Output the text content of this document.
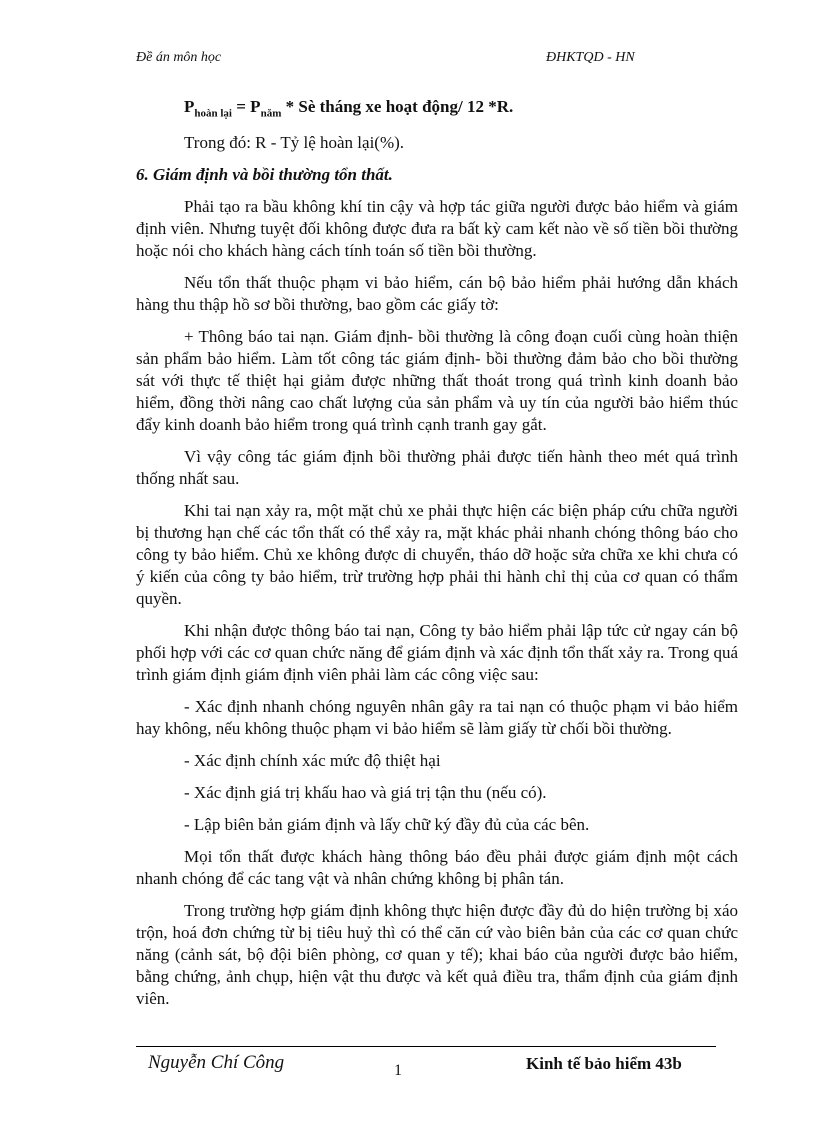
Đề án môn học	ĐHKTQD - HN
$P_{hoàn lại} = P_{năm}$ * Sè tháng xe hoạt động/ 12 *R.

Trong đó: R - Tỷ lệ hoàn lại(%).

6. Giám định và bồi thường tổn thất.

Phải tạo ra bầu không khí tin cậy và hợp tác giữa người được bảo hiểm và giám định viên. Nhưng tuyệt đối không được đưa ra bất kỳ cam kết nào về số tiền bồi thường hoặc nói cho khách hàng cách tính toán số tiền bồi thường.

Nếu tổn thất thuộc phạm vi bảo hiểm, cán bộ bảo hiểm phải hướng dẫn khách hàng thu thập hồ sơ bồi thường, bao gồm các giấy tờ:

+ Thông báo tai nạn. Giám định- bồi thường là công đoạn cuối cùng hoàn thiện sản phẩm bảo hiểm. Làm tốt công tác giám định- bồi thường đảm bảo cho bồi thường sát với thực tế thiệt hại giảm được những thất thoát trong quá trình kinh doanh bảo hiểm, đồng thời nâng cao chất lượng của sản phẩm và uy tín của người bảo hiểm thúc đẩy kinh doanh bảo hiểm trong quá trình cạnh tranh gay gắt.

Vì vậy công tác giám định bồi thường phải được tiến hành theo mét quá trình thống nhất sau.

Khi tai nạn xảy ra, một mặt chủ xe phải thực hiện các biện pháp cứu chữa người bị thương hạn chế các tổn thất có thể xảy ra, mặt khác phải nhanh chóng thông báo cho công ty bảo hiểm. Chủ xe không được di chuyển, tháo dỡ hoặc sửa chữa xe khi chưa có ý kiến của công ty bảo hiểm, trừ trường hợp phải thi hành chỉ thị của cơ quan có thẩm quyền.

Khi nhận được thông báo tai nạn, Công ty bảo hiểm phải lập tức cử ngay cán bộ phối hợp với các cơ quan chức năng để giám định và xác định tổn thất xảy ra. Trong quá trình giám định giám định viên phải làm các công việc sau:

- Xác định nhanh chóng nguyên nhân gây ra tai nạn có thuộc phạm vi bảo hiểm hay không, nếu không thuộc phạm vi bảo hiểm sẽ làm giấy từ chối bồi thường.

- Xác định chính xác mức độ thiệt hại

- Xác định giá trị khấu hao và giá trị tận thu (nếu có).

- Lập biên bản giám định và lấy chữ ký đầy đủ của các bên.

Mọi tổn thất được khách hàng thông báo đều phải được giám định một cách nhanh chóng để các tang vật và nhân chứng không bị phân tán.

Trong trường hợp giám định không thực hiện được đầy đủ do hiện trường bị xáo trộn, hoá đơn chứng từ bị tiêu huỷ thì có thể căn cứ vào biên bản của các cơ quan chức năng (cảnh sát, bộ đội biên phòng, cơ quan y tế); khai báo của người được bảo hiểm, bằng chứng, ảnh chụp, hiện vật thu được và kết quả điều tra, thẩm định của giám định viên.

Nguyễn Chí Công	1	Kinh tế bảo hiểm 43b
